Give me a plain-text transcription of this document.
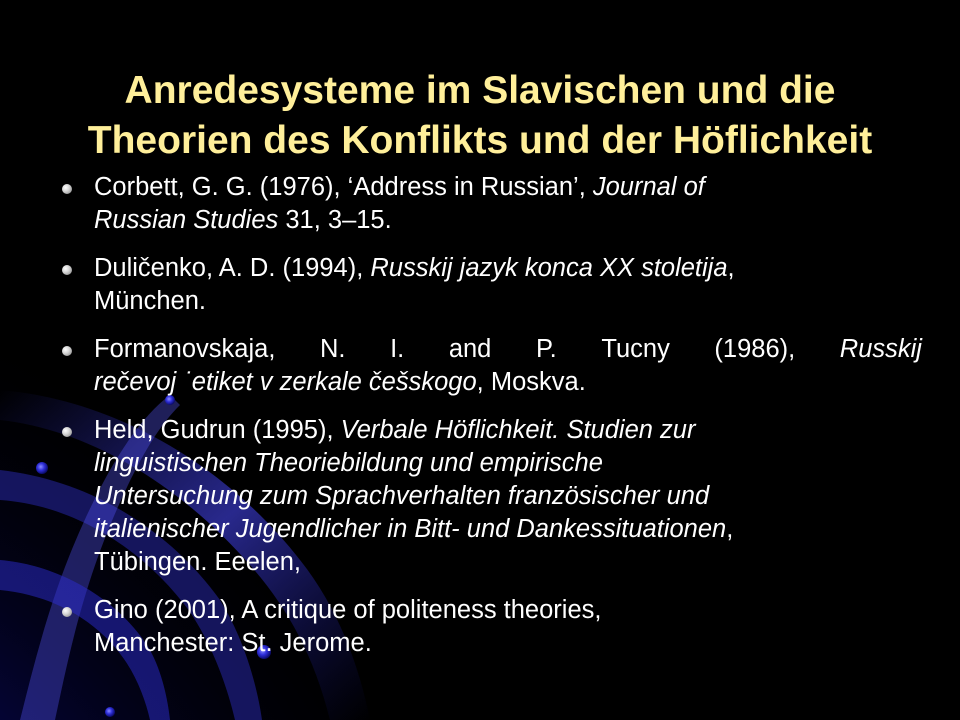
Anredesysteme im Slavischen und die
Theorien des Konflikts und der Höflichkeit
Corbett, G. G. (1976), ‘Address in Russian’, Journal of
Russian Studies 31, 3–15.
Duličenko, A. D. (1994), Russkij jazyk konca XX stoletija,
München.
Formanovskaja, N. I. and P. Tucny (1986), Russkij
rečevoj ˙etiket v zerkale češskogo, Moskva.
Held, Gudrun (1995), Verbale Höflichkeit. Studien zur
linguistischen Theoriebildung und empirische
Untersuchung zum Sprachverhalten französischer und
italienischer Jugendlicher in Bitt- und Dankessituationen,
Tübingen. Eeelen,
Gino (2001), A critique of politeness theories,
Manchester: St. Jerome.
